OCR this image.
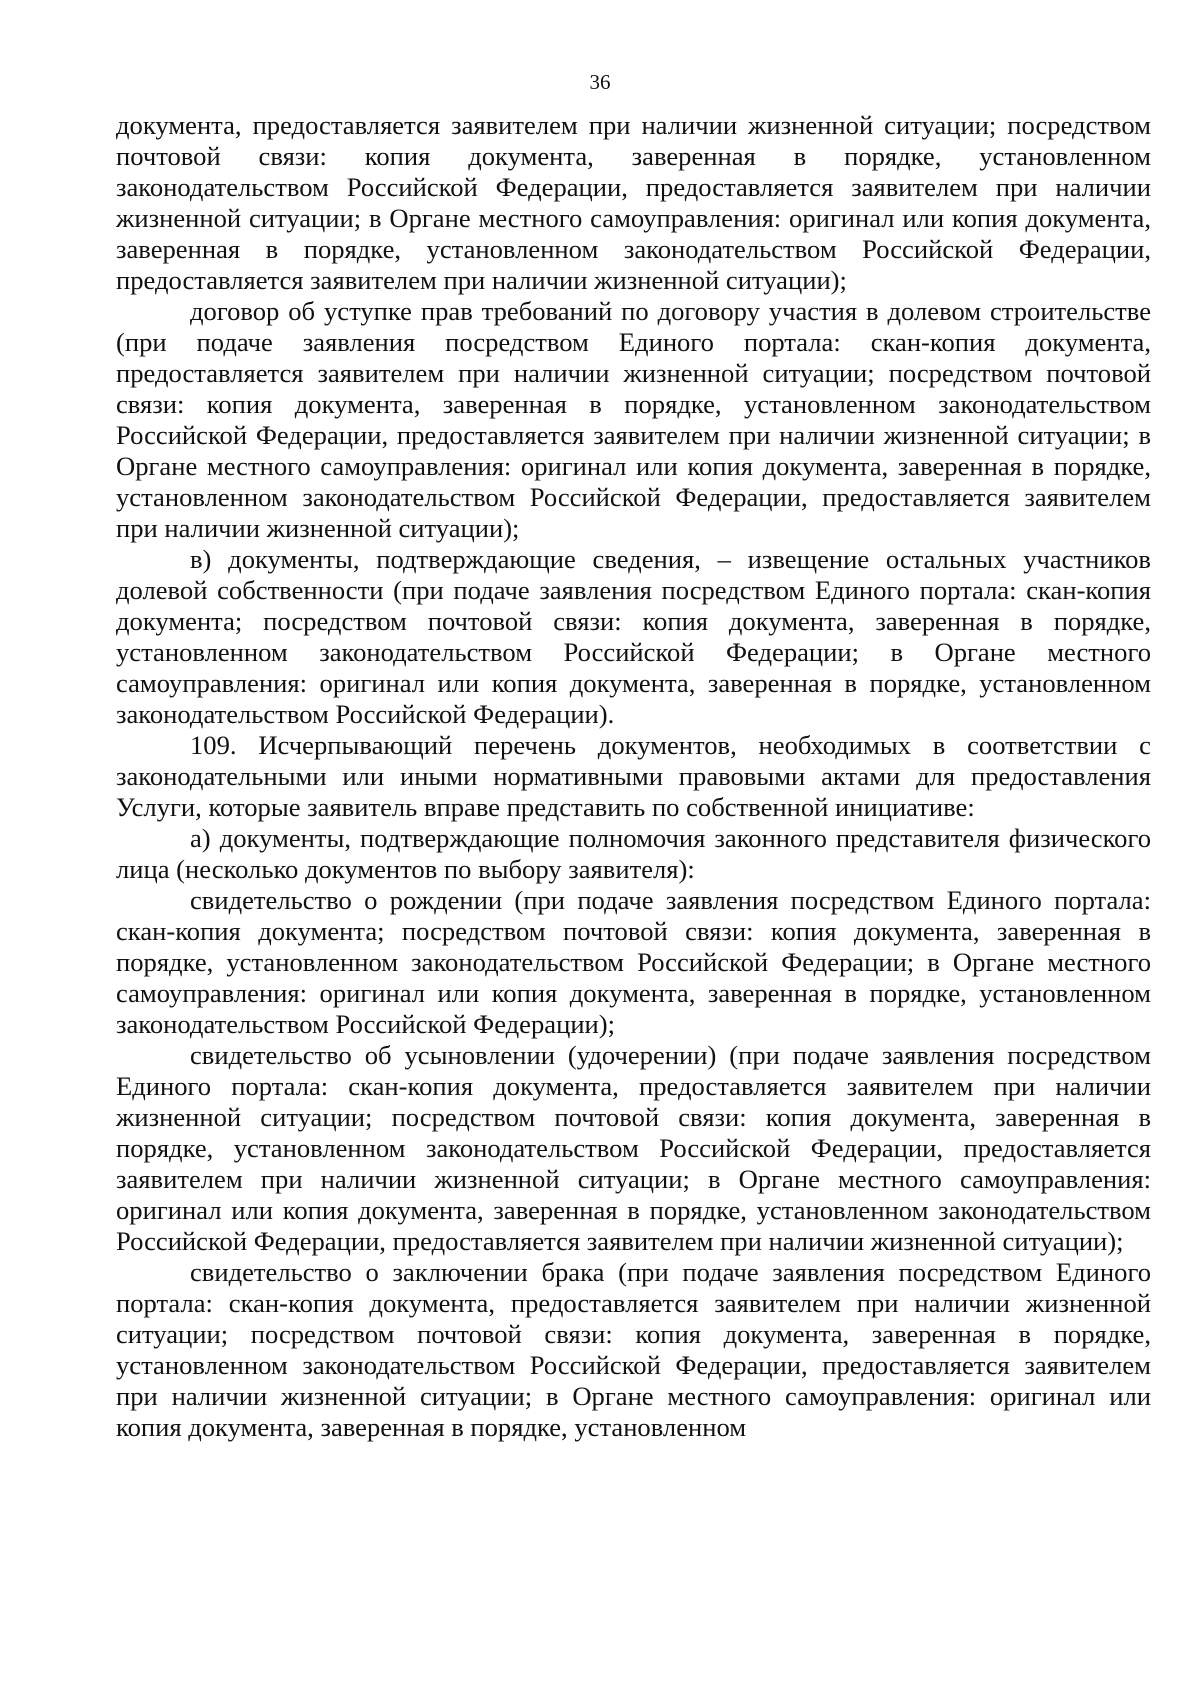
36

документа, предоставляется заявителем при наличии жизненной ситуации; посредством почтовой связи: копия документа, заверенная в порядке, установленном законодательством Российской Федерации, предоставляется заявителем при наличии жизненной ситуации; в Органе местного самоуправления: оригинал или копия документа, заверенная в порядке, установленном законодательством Российской Федерации, предоставляется заявителем при наличии жизненной ситуации);

договор об уступке прав требований по договору участия в долевом строительстве (при подаче заявления посредством Единого портала: скан-копия документа, предоставляется заявителем при наличии жизненной ситуации; посредством почтовой связи: копия документа, заверенная в порядке, установленном законодательством Российской Федерации, предоставляется заявителем при наличии жизненной ситуации; в Органе местного самоуправления: оригинал или копия документа, заверенная в порядке, установленном законодательством Российской Федерации, предоставляется заявителем при наличии жизненной ситуации);

в) документы, подтверждающие сведения, – извещение остальных участников долевой собственности (при подаче заявления посредством Единого портала: скан-копия документа; посредством почтовой связи: копия документа, заверенная в порядке, установленном законодательством Российской Федерации; в Органе местного самоуправления: оригинал или копия документа, заверенная в порядке, установленном законодательством Российской Федерации).

109. Исчерпывающий перечень документов, необходимых в соответствии с законодательными или иными нормативными правовыми актами для предоставления Услуги, которые заявитель вправе представить по собственной инициативе:

а) документы, подтверждающие полномочия законного представителя физического лица (несколько документов по выбору заявителя):

свидетельство о рождении (при подаче заявления посредством Единого портала: скан-копия документа; посредством почтовой связи: копия документа, заверенная в порядке, установленном законодательством Российской Федерации; в Органе местного самоуправления: оригинал или копия документа, заверенная в порядке, установленном законодательством Российской Федерации);

свидетельство об усыновлении (удочерении) (при подаче заявления посредством Единого портала: скан-копия документа, предоставляется заявителем при наличии жизненной ситуации; посредством почтовой связи: копия документа, заверенная в порядке, установленном законодательством Российской Федерации, предоставляется заявителем при наличии жизненной ситуации; в Органе местного самоуправления: оригинал или копия документа, заверенная в порядке, установленном законодательством Российской Федерации, предоставляется заявителем при наличии жизненной ситуации);

свидетельство о заключении брака (при подаче заявления посредством Единого портала: скан-копия документа, предоставляется заявителем при наличии жизненной ситуации; посредством почтовой связи: копия документа, заверенная в порядке, установленном законодательством Российской Федерации, предоставляется заявителем при наличии жизненной ситуации; в Органе местного самоуправления: оригинал или копия документа, заверенная в порядке, установленном
